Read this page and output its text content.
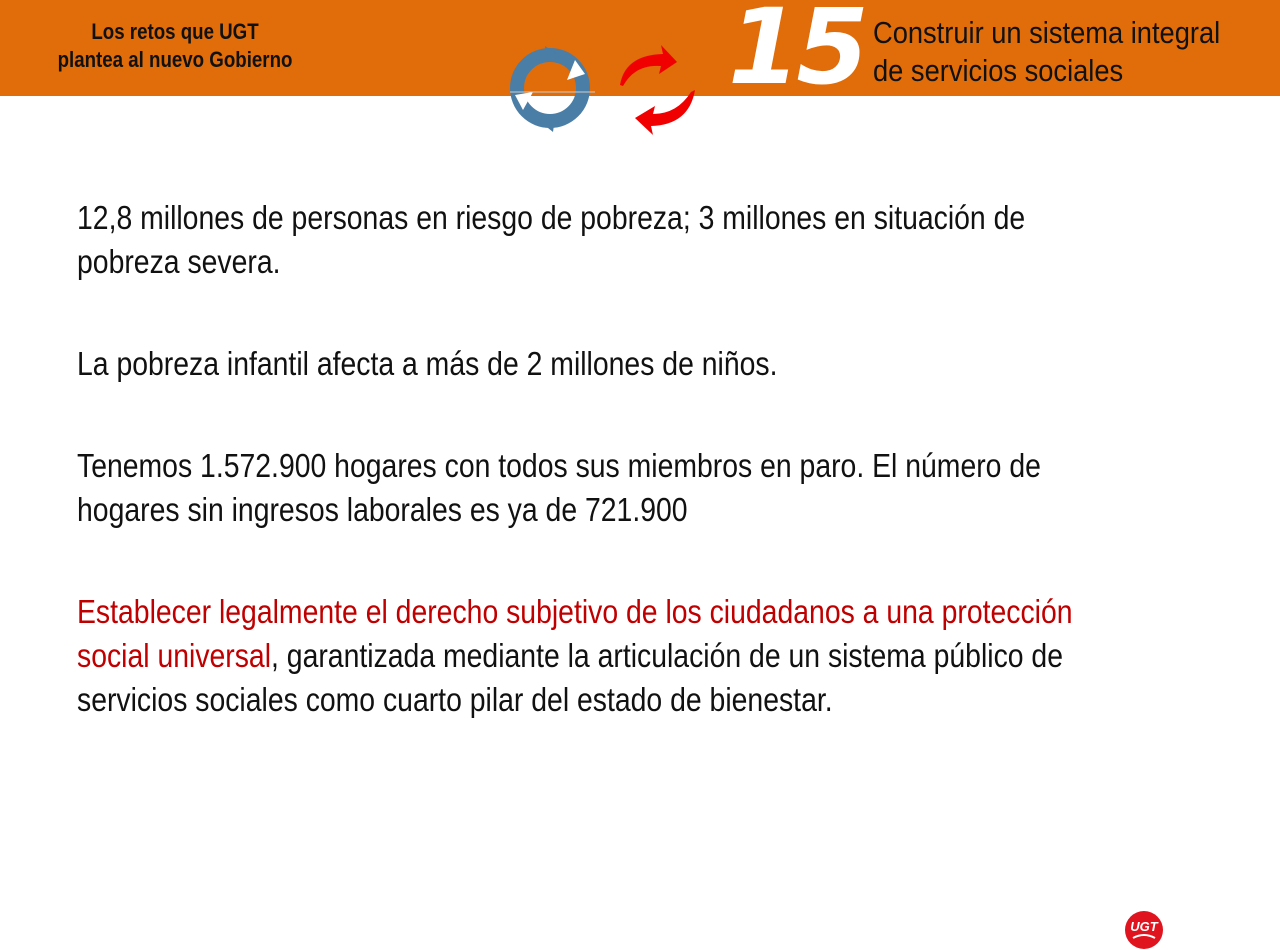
Los retos que UGT
plantea al nuevo Gobierno	15 Construir un sistema integral
de servicios sociales
12,8 millones de personas en riesgo de pobreza; 3 millones en situación de
pobreza severa.
La pobreza infantil afecta a más de 2 millones de niños.
Tenemos 1.572.900 hogares con todos sus miembros en paro. El número de
hogares sin ingresos laborales es ya de 721.900
Establecer legalmente el derecho subjetivo de los ciudadanos a una protección
social universal, garantizada mediante la articulación de un sistema público de
servicios sociales como cuarto pilar del estado de bienestar.
UGT
